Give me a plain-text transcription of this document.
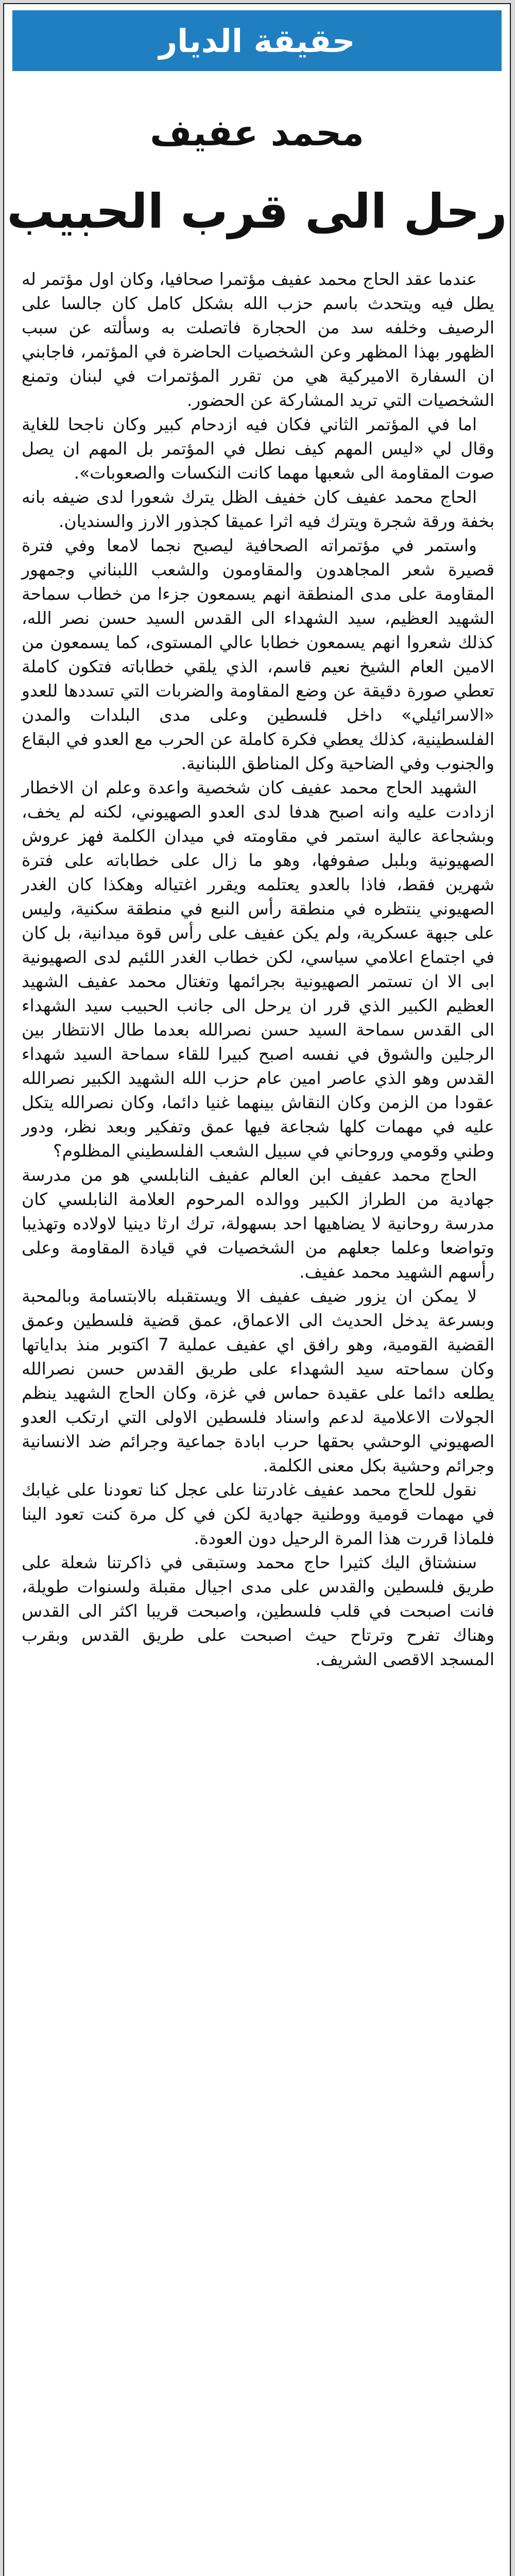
حقيقة الديار
محمد عفيف
رحل الى قرب الحبيب

عندما عقد الحاج محمد عفيف مؤتمرا صحافيا، وكان اول مؤتمر له يطل فيه ويتحدث باسم حزب الله بشكل كامل كان جالسا على الرصيف وخلفه سد من الحجارة فاتصلت به وسألته عن سبب الظهور بهذا المظهر وعن الشخصيات الحاضرة في المؤتمر، فاجابني ان السفارة الاميركية هي من تقرر المؤتمرات في لبنان وتمنع الشخصيات التي تريد المشاركة عن الحضور.

اما في المؤتمر الثاني فكان فيه ازدحام كبير وكان ناجحا للغاية وقال لي «ليس المهم كيف نطل في المؤتمر بل المهم ان يصل صوت المقاومة الى شعبها مهما كانت النكسات والصعوبات».

الحاج محمد عفيف كان خفيف الظل يترك شعورا لدى ضيفه بانه بخفة ورقة شجرة ويترك فيه اثرا عميقا كجذور الارز والسنديان.

واستمر في مؤتمراته الصحافية ليصبح نجما لامعا وفي فترة قصيرة شعر المجاهدون والمقاومون والشعب اللبناني وجمهور المقاومة على مدى المنطقة انهم يسمعون جزءا من خطاب سماحة الشهيد العظيم، سيد الشهداء الى القدس السيد حسن نصر الله، كذلك شعروا انهم يسمعون خطابا عالي المستوى، كما يسمعون من الامين العام الشيخ نعيم قاسم، الذي يلقي خطاباته فتكون كاملة تعطي صورة دقيقة عن وضع المقاومة والضربات التي تسددها للعدو «الاسرائيلي» داخل فلسطين وعلى مدى البلدات والمدن الفلسطينية، كذلك يعطي فكرة كاملة عن الحرب مع العدو في البقاع والجنوب وفي الضاحية وكل المناطق اللبنانية.

الشهيد الحاج محمد عفيف كان شخصية واعدة وعلم ان الاخطار ازدادت عليه وانه اصبح هدفا لدى العدو الصهيوني، لكنه لم يخف، وبشجاعة عالية استمر في مقاومته في ميدان الكلمة فهز عروش الصهيونية وبلبل صفوفها، وهو ما زال على خطاباته على فترة شهرين فقط، فاذا بالعدو يعتلمه ويقرر اغتياله وهكذا كان الغدر الصهيوني ينتظره في منطقة رأس النبع في منطقة سكنية، وليس على جبهة عسكرية، ولم يكن عفيف على رأس قوة ميدانية، بل كان في اجتماع اعلامي سياسي، لكن خطاب الغدر اللئيم لدى الصهيونية ابى الا ان تستمر الصهيونية بجرائمها وتغتال محمد عفيف الشهيد العظيم الكبير الذي قرر ان يرحل الى جانب الحبيب سيد الشهداء الى القدس سماحة السيد حسن نصرالله بعدما طال الانتظار بين الرجلين والشوق في نفسه اصبح كبيرا للقاء سماحة السيد شهداء القدس وهو الذي عاصر امين عام حزب الله الشهيد الكبير نصرالله عقودا من الزمن وكان النقاش بينهما غنيا دائما، وكان نصرالله يتكل عليه في مهمات كلها شجاعة فيها عمق وتفكير وبعد نظر، ودور وطني وقومي وروحاني في سبيل الشعب الفلسطيني المظلوم؟

الحاج محمد عفيف ابن العالم عفيف النابلسي هو من مدرسة جهادية من الطراز الكبير ووالده المرحوم العلامة النابلسي كان مدرسة روحانية لا يضاهيها احد بسهولة، ترك ارثا دينيا لاولاده وتهذيبا وتواضعا وعلما جعلهم من الشخصيات في قيادة المقاومة وعلى رأسهم الشهيد محمد عفيف.

لا يمكن ان يزور ضيف عفيف الا ويستقبله بالابتسامة وبالمحبة وبسرعة يدخل الحديث الى الاعماق، عمق قضية فلسطين وعمق القضية القومية، وهو رافق اي عفيف عملية 7 اكتوبر منذ بداياتها وكان سماحته سيد الشهداء على طريق القدس حسن نصرالله يطلعه دائما على عقيدة حماس في غزة، وكان الحاج الشهيد ينظم الجولات الاعلامية لدعم واسناد فلسطين الاولى التي ارتكب العدو الصهيوني الوحشي بحقها حرب ابادة جماعية وجرائم ضد الانسانية وجرائم وحشية بكل معنى الكلمة.

نقول للحاج محمد عفيف غادرتنا على عجل كنا تعودنا على غيابك في مهمات قومية ووطنية جهادية لكن في كل مرة كنت تعود الينا فلماذا قررت هذا المرة الرحيل دون العودة.

سنشتاق اليك كثيرا حاج محمد وستبقى في ذاكرتنا شعلة على طريق فلسطين والقدس على مدى اجيال مقبلة ولسنوات طويلة، فانت اصبحت في قلب فلسطين، واصبحت قريبا اكثر الى القدس وهناك تفرح وترتاح حيث اصبحت على طريق القدس وبقرب المسجد الاقصى الشريف.
